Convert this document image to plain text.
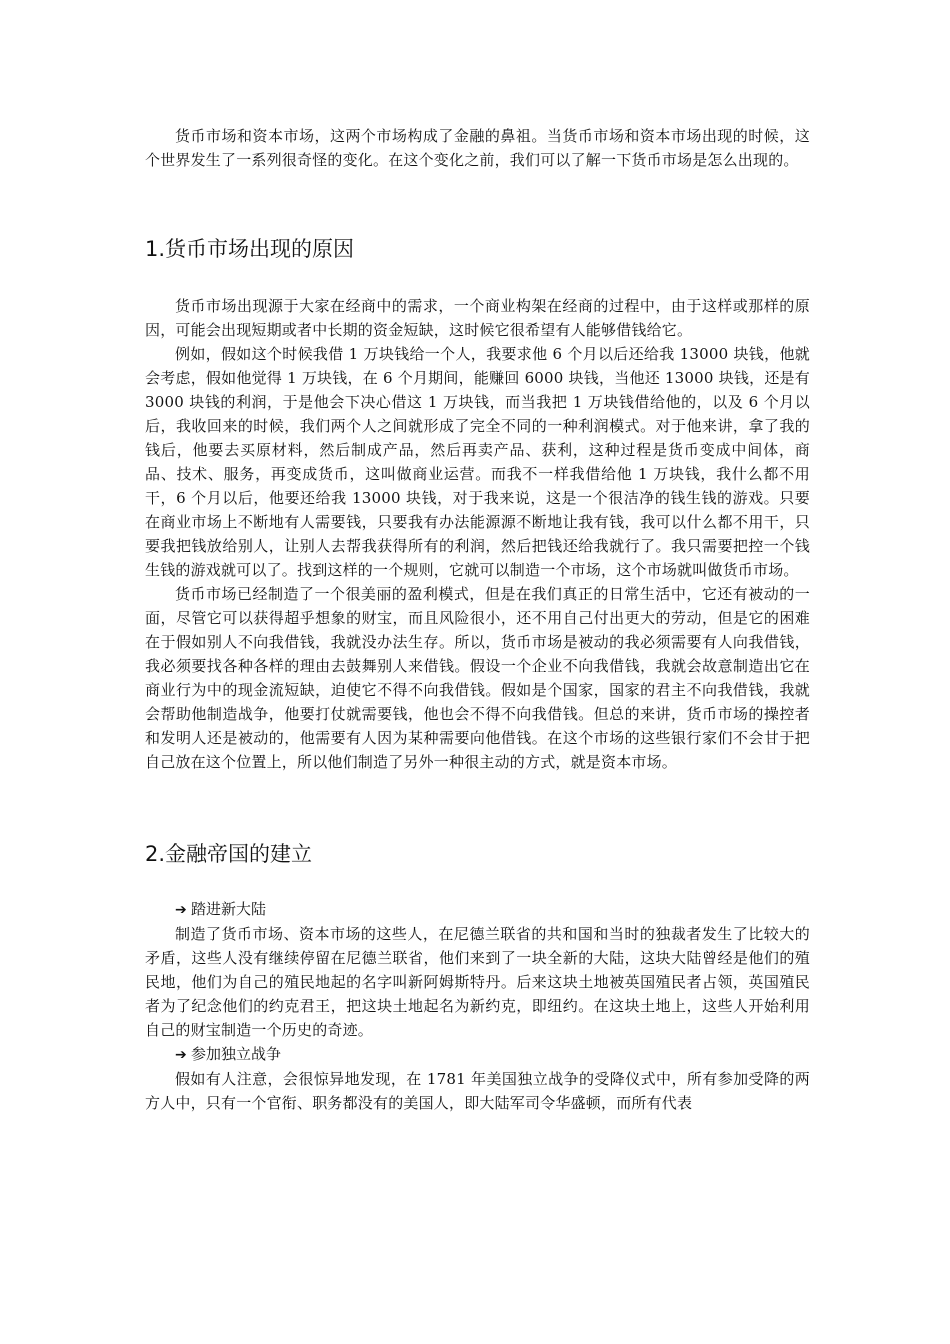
货币市场和资本市场，这两个市场构成了金融的鼻祖。当货币市场和资本市场出现的时候，这个世界发生了一系列很奇怪的变化。在这个变化之前，我们可以了解一下货币市场是怎么出现的。

1.货币市场出现的原因

货币市场出现源于大家在经商中的需求，一个商业构架在经商的过程中，由于这样或那样的原因，可能会出现短期或者中长期的资金短缺，这时候它很希望有人能够借钱给它。

例如，假如这个时候我借 1 万块钱给一个人，我要求他 6 个月以后还给我 13000 块钱，他就会考虑，假如他觉得 1 万块钱，在 6 个月期间，能赚回 6000 块钱，当他还 13000 块钱，还是有 3000 块钱的利润，于是他会下决心借这 1 万块钱，而当我把 1 万块钱借给他的，以及 6 个月以后，我收回来的时候，我们两个人之间就形成了完全不同的一种利润模式。对于他来讲，拿了我的钱后，他要去买原材料，然后制成产品，然后再卖产品、获利，这种过程是货币变成中间体，商品、技术、服务，再变成货币，这叫做商业运营。而我不一样我借给他 1 万块钱，我什么都不用干，6 个月以后，他要还给我 13000 块钱，对于我来说，这是一个很洁净的钱生钱的游戏。只要在商业市场上不断地有人需要钱，只要我有办法能源源不断地让我有钱，我可以什么都不用干，只要我把钱放给别人，让别人去帮我获得所有的利润，然后把钱还给我就行了。我只需要把控一个钱生钱的游戏就可以了。找到这样的一个规则，它就可以制造一个市场，这个市场就叫做货币市场。

货币市场已经制造了一个很美丽的盈利模式，但是在我们真正的日常生活中，它还有被动的一面，尽管它可以获得超乎想象的财宝，而且风险很小，还不用自己付出更大的劳动，但是它的困难在于假如别人不向我借钱，我就没办法生存。所以，货币市场是被动的我必须需要有人向我借钱，我必须要找各种各样的理由去鼓舞别人来借钱。假设一个企业不向我借钱，我就会故意制造出它在商业行为中的现金流短缺，迫使它不得不向我借钱。假如是个国家，国家的君主不向我借钱，我就会帮助他制造战争，他要打仗就需要钱，他也会不得不向我借钱。但总的来讲，货币市场的操控者和发明人还是被动的，他需要有人因为某种需要向他借钱。在这个市场的这些银行家们不会甘于把自己放在这个位置上，所以他们制造了另外一种很主动的方式，就是资本市场。

2.金融帝国的建立
➔ 踏进新大陆

制造了货币市场、资本市场的这些人，在尼德兰联省的共和国和当时的独裁者发生了比较大的矛盾，这些人没有继续停留在尼德兰联省，他们来到了一块全新的大陆，这块大陆曾经是他们的殖民地，他们为自己的殖民地起的名字叫新阿姆斯特丹。后来这块土地被英国殖民者占领，英国殖民者为了纪念他们的约克君王，把这块土地起名为新约克，即纽约。在这块土地上，这些人开始利用自己的财宝制造一个历史的奇迹。

➔ 参加独立战争

假如有人注意，会很惊异地发现，在 1781 年美国独立战争的受降仪式中，所有参加受降的两方人中，只有一个官衔、职务都没有的美国人，即大陆军司令华盛顿，而所有代表
